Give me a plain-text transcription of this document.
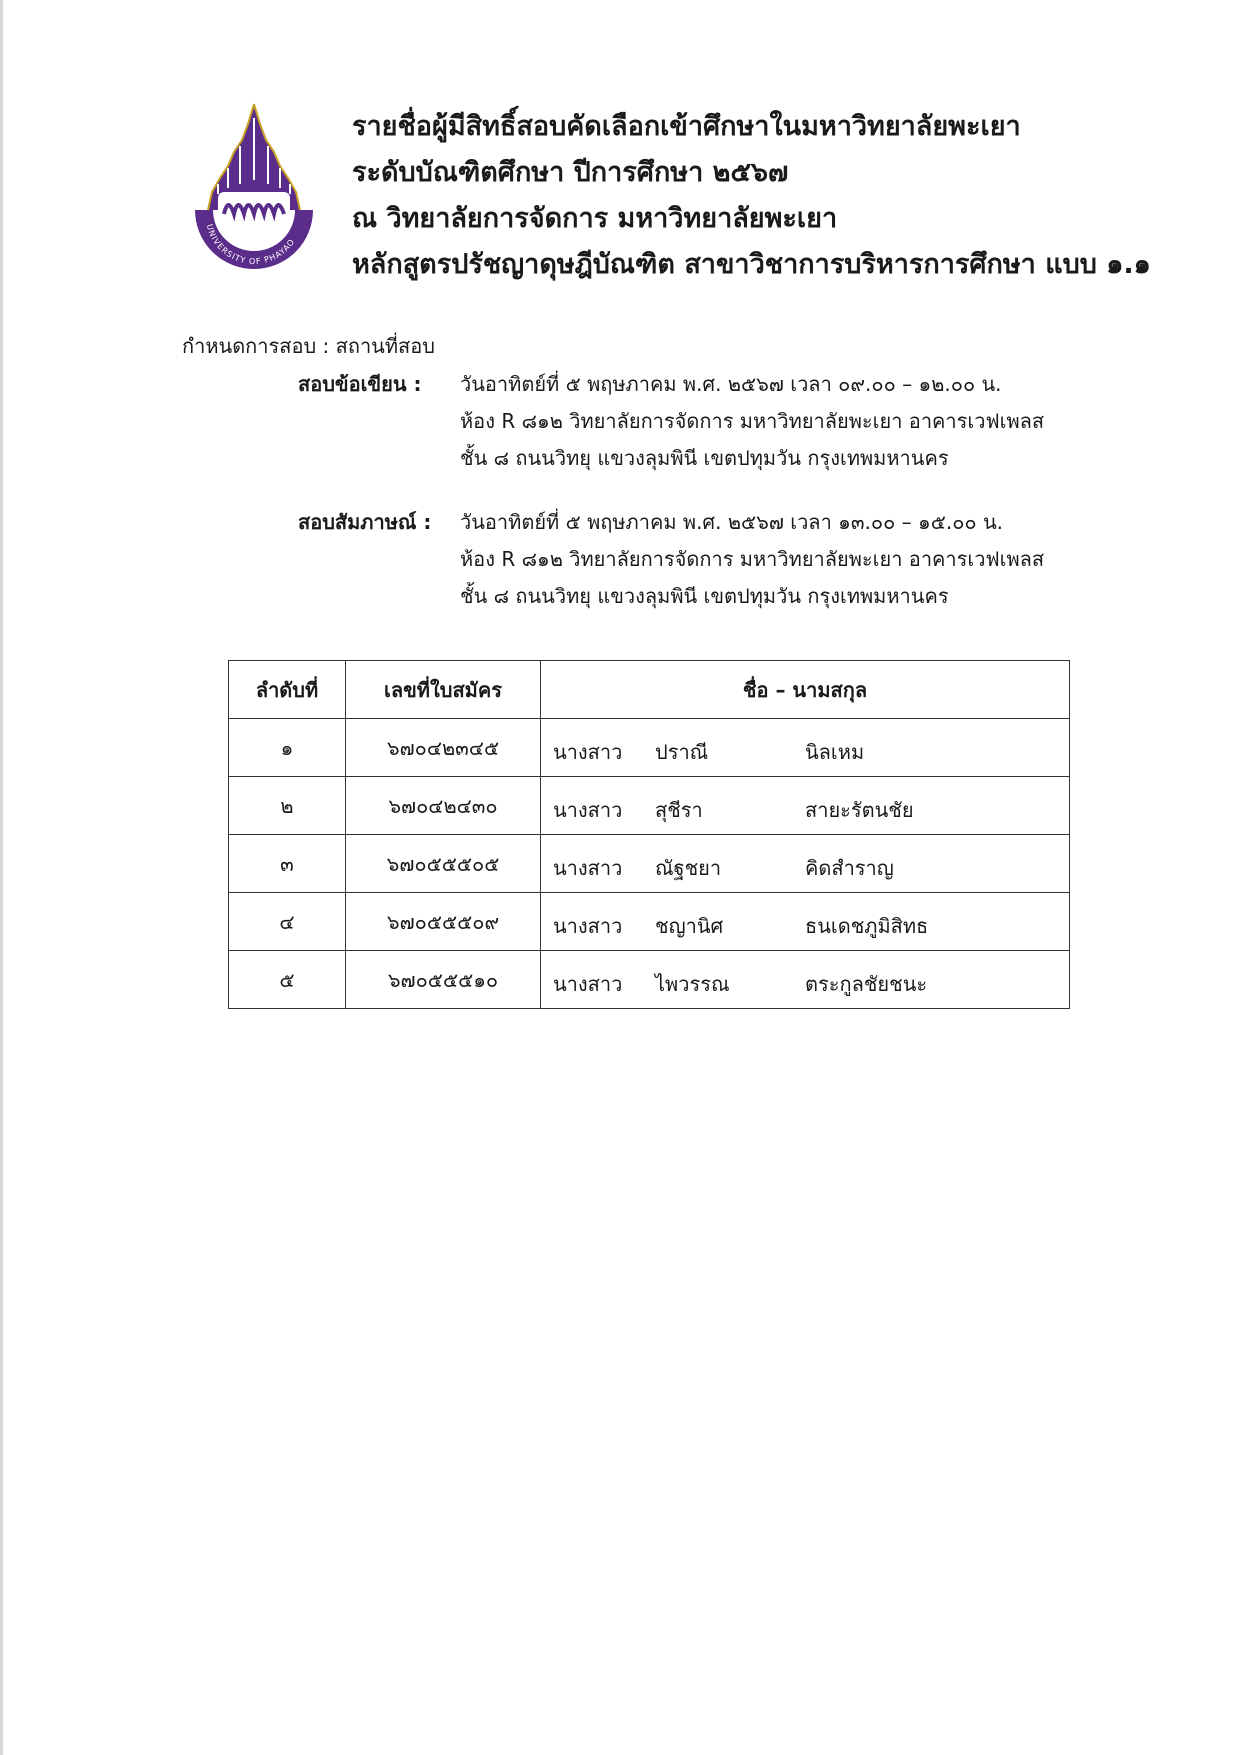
UNIVERSITY OF PHAYAO
รายชื่อผู้มีสิทธิ์สอบคัดเลือกเข้าศึกษาในมหาวิทยาลัยพะเยา
ระดับบัณฑิตศึกษา ปีการศึกษา ๒๕๖๗
ณ วิทยาลัยการจัดการ มหาวิทยาลัยพะเยา
หลักสูตรปรัชญาดุษฎีบัณฑิต สาขาวิชาการบริหารการศึกษา แบบ ๑.๑
กำหนดการสอบ : สถานที่สอบ
สอบข้อเขียน : วันอาทิตย์ที่ ๕ พฤษภาคม พ.ศ. ๒๕๖๗ เวลา ๐๙.๐๐ – ๑๒.๐๐ น.
ห้อง R ๘๑๒ วิทยาลัยการจัดการ มหาวิทยาลัยพะเยา อาคารเวฟเพลส
ชั้น ๘ ถนนวิทยุ แขวงลุมพินี เขตปทุมวัน กรุงเทพมหานคร
สอบสัมภาษณ์ : วันอาทิตย์ที่ ๕ พฤษภาคม พ.ศ. ๒๕๖๗ เวลา ๑๓.๐๐ – ๑๕.๐๐ น.
ห้อง R ๘๑๒ วิทยาลัยการจัดการ มหาวิทยาลัยพะเยา อาคารเวฟเพลส
ชั้น ๘ ถนนวิทยุ แขวงลุมพินี เขตปทุมวัน กรุงเทพมหานคร
ลำดับที่	เลขที่ใบสมัคร	ชื่อ – นามสกุล
๑	๖๗๐๔๒๓๔๕	นางสาว ปราณี นิลเหม

๒	๖๗๐๔๒๔๓๐	นางสาว สุชีรา สายะรัตนชัย

๓	๖๗๐๕๕๕๐๕	นางสาว ณัฐชยา คิดสำราญ

๔	๖๗๐๕๕๕๐๙	นางสาว ชญานิศ ธนเดชภูมิสิทธ

๕	๖๗๐๕๕๕๑๐	นางสาว ไพวรรณ ตระกูลชัยชนะ
